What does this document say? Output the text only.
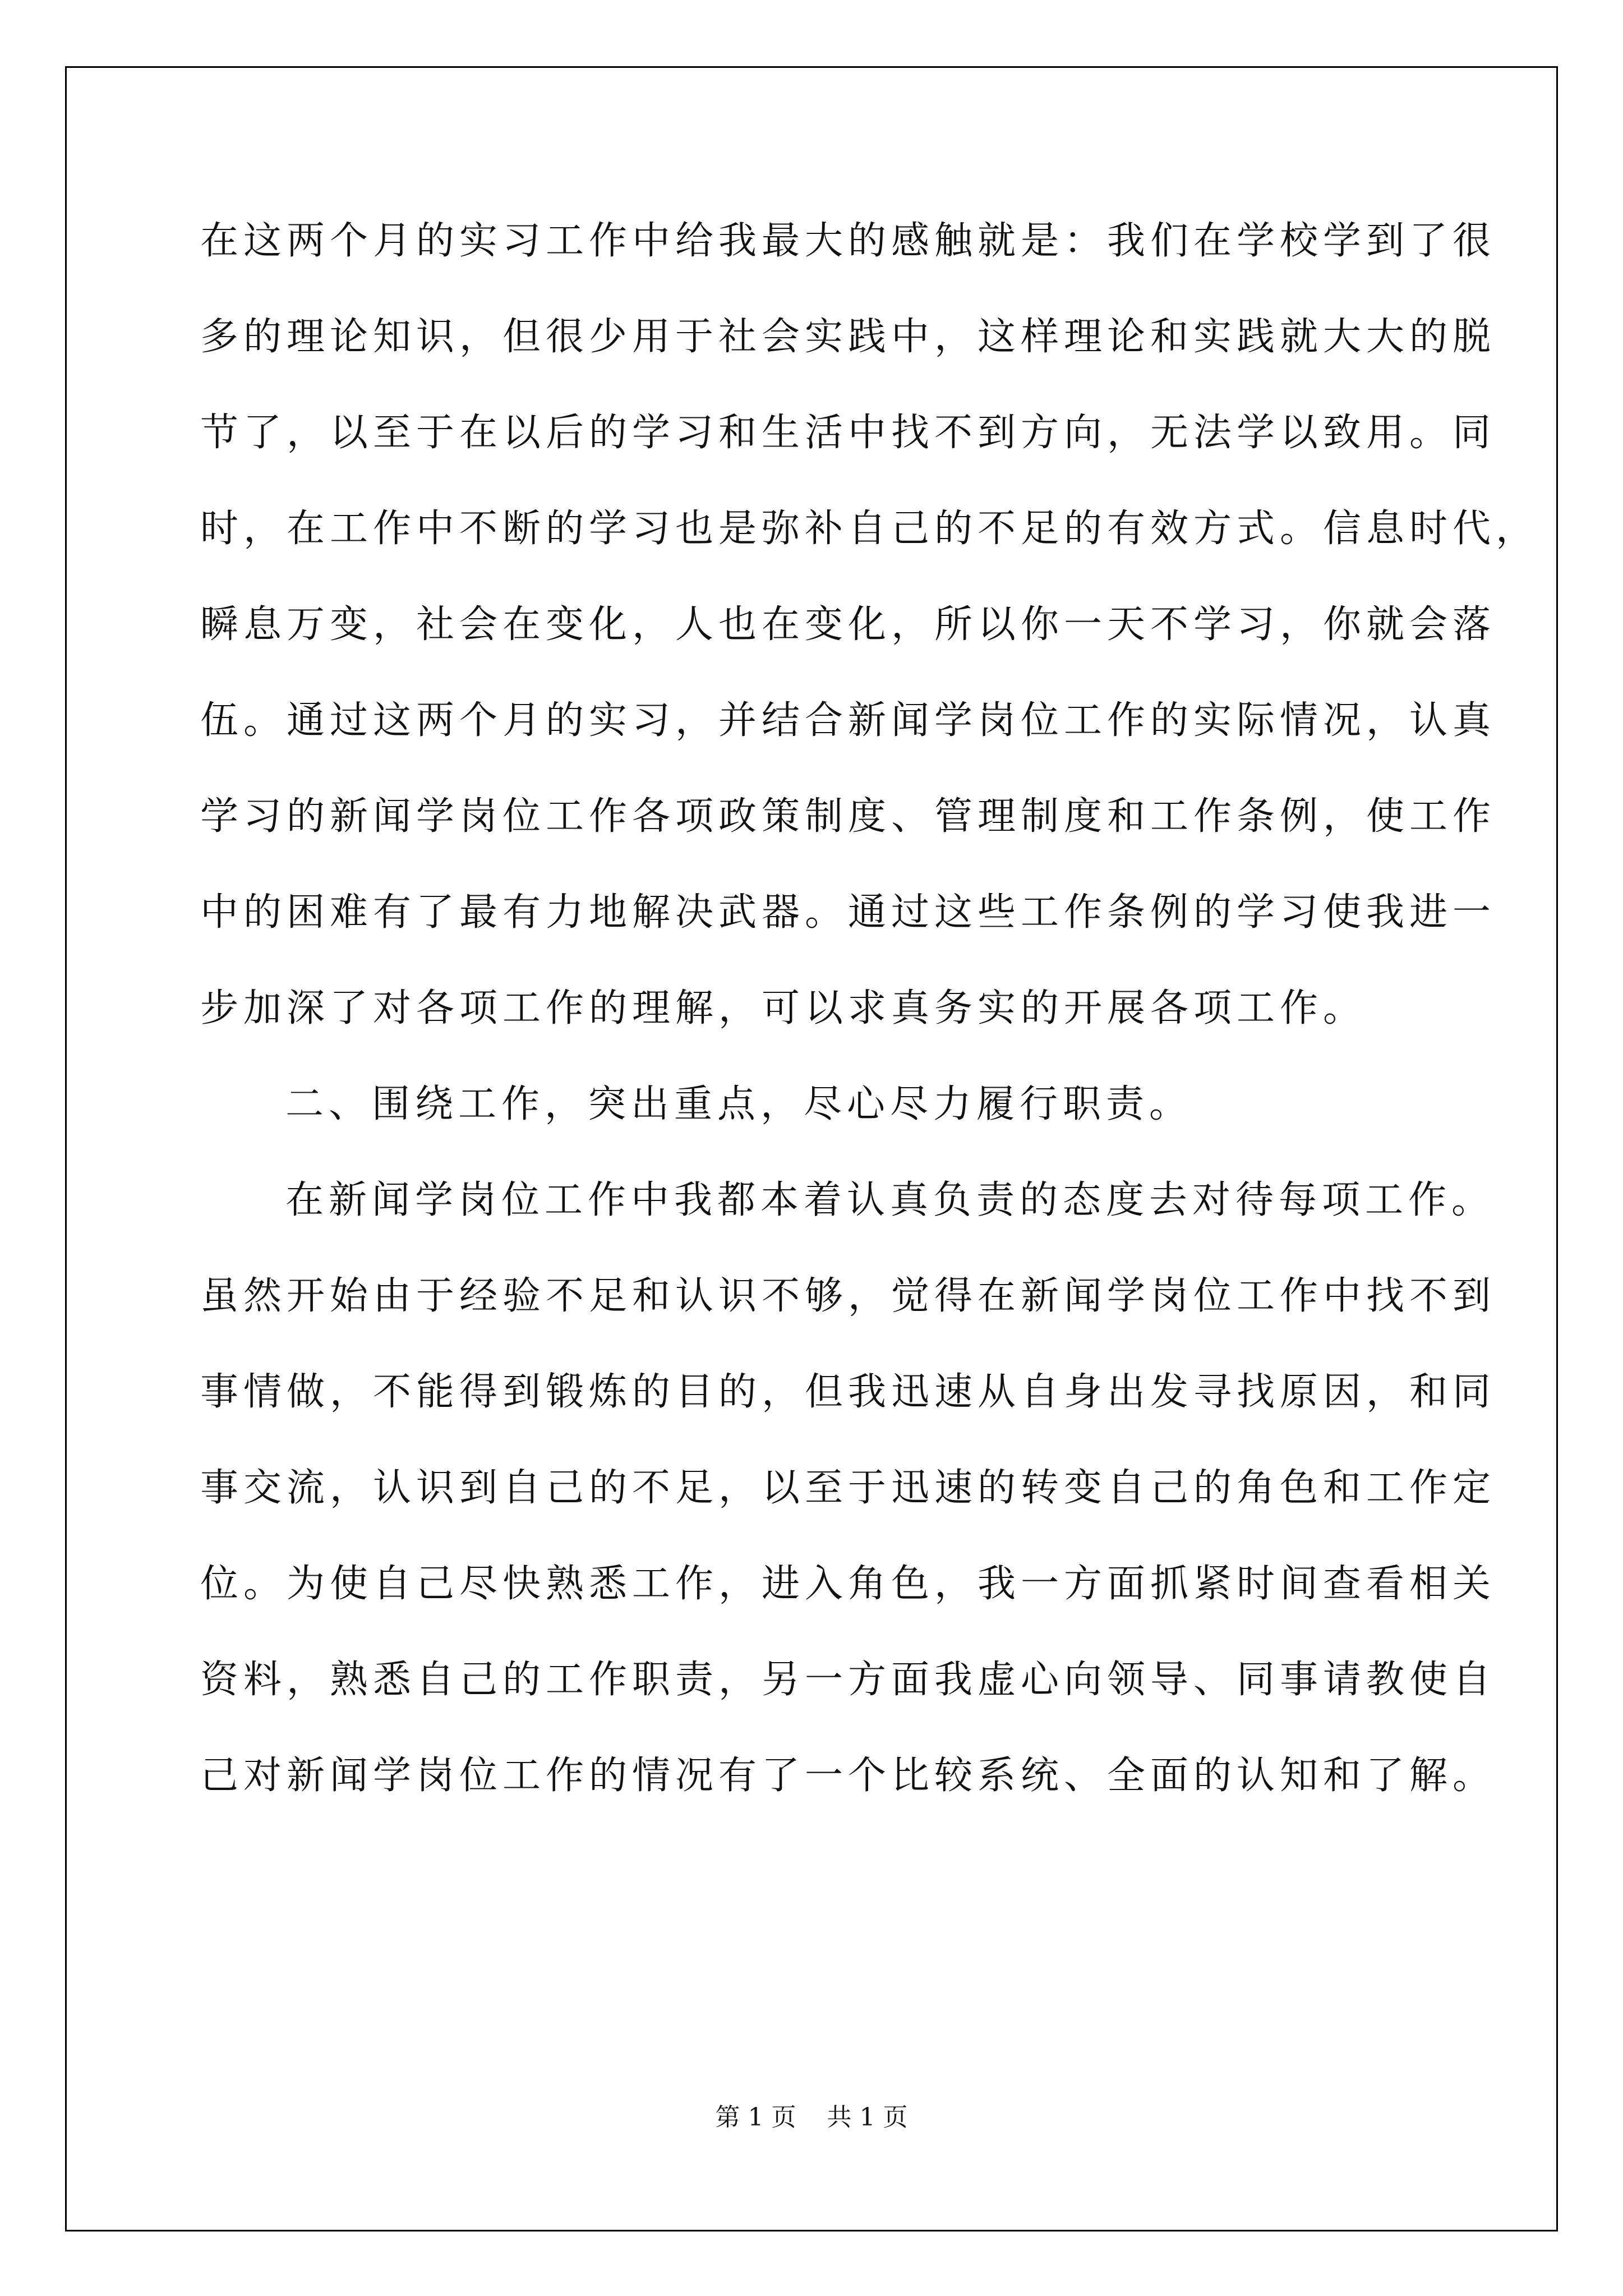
在这两个月的实习工作中给我最大的感触就是：我们在学校学到了很
多的理论知识，但很少用于社会实践中，这样理论和实践就大大的脱
节了，以至于在以后的学习和生活中找不到方向，无法学以致用。同
时，在工作中不断的学习也是弥补自己的不足的有效方式。信息时代，
瞬息万变，社会在变化，人也在变化，所以你一天不学习，你就会落
伍。通过这两个月的实习，并结合新闻学岗位工作的实际情况，认真
学习的新闻学岗位工作各项政策制度、管理制度和工作条例，使工作
中的困难有了最有力地解决武器。通过这些工作条例的学习使我进一
步加深了对各项工作的理解，可以求真务实的开展各项工作。
二、围绕工作，突出重点，尽心尽力履行职责。
在新闻学岗位工作中我都本着认真负责的态度去对待每项工作。
虽然开始由于经验不足和认识不够，觉得在新闻学岗位工作中找不到
事情做，不能得到锻炼的目的，但我迅速从自身出发寻找原因，和同
事交流，认识到自己的不足，以至于迅速的转变自己的角色和工作定
位。为使自己尽快熟悉工作，进入角色，我一方面抓紧时间查看相关
资料，熟悉自己的工作职责，另一方面我虚心向领导、同事请教使自
己对新闻学岗位工作的情况有了一个比较系统、全面的认知和了解。
第 1 页 共 1 页
